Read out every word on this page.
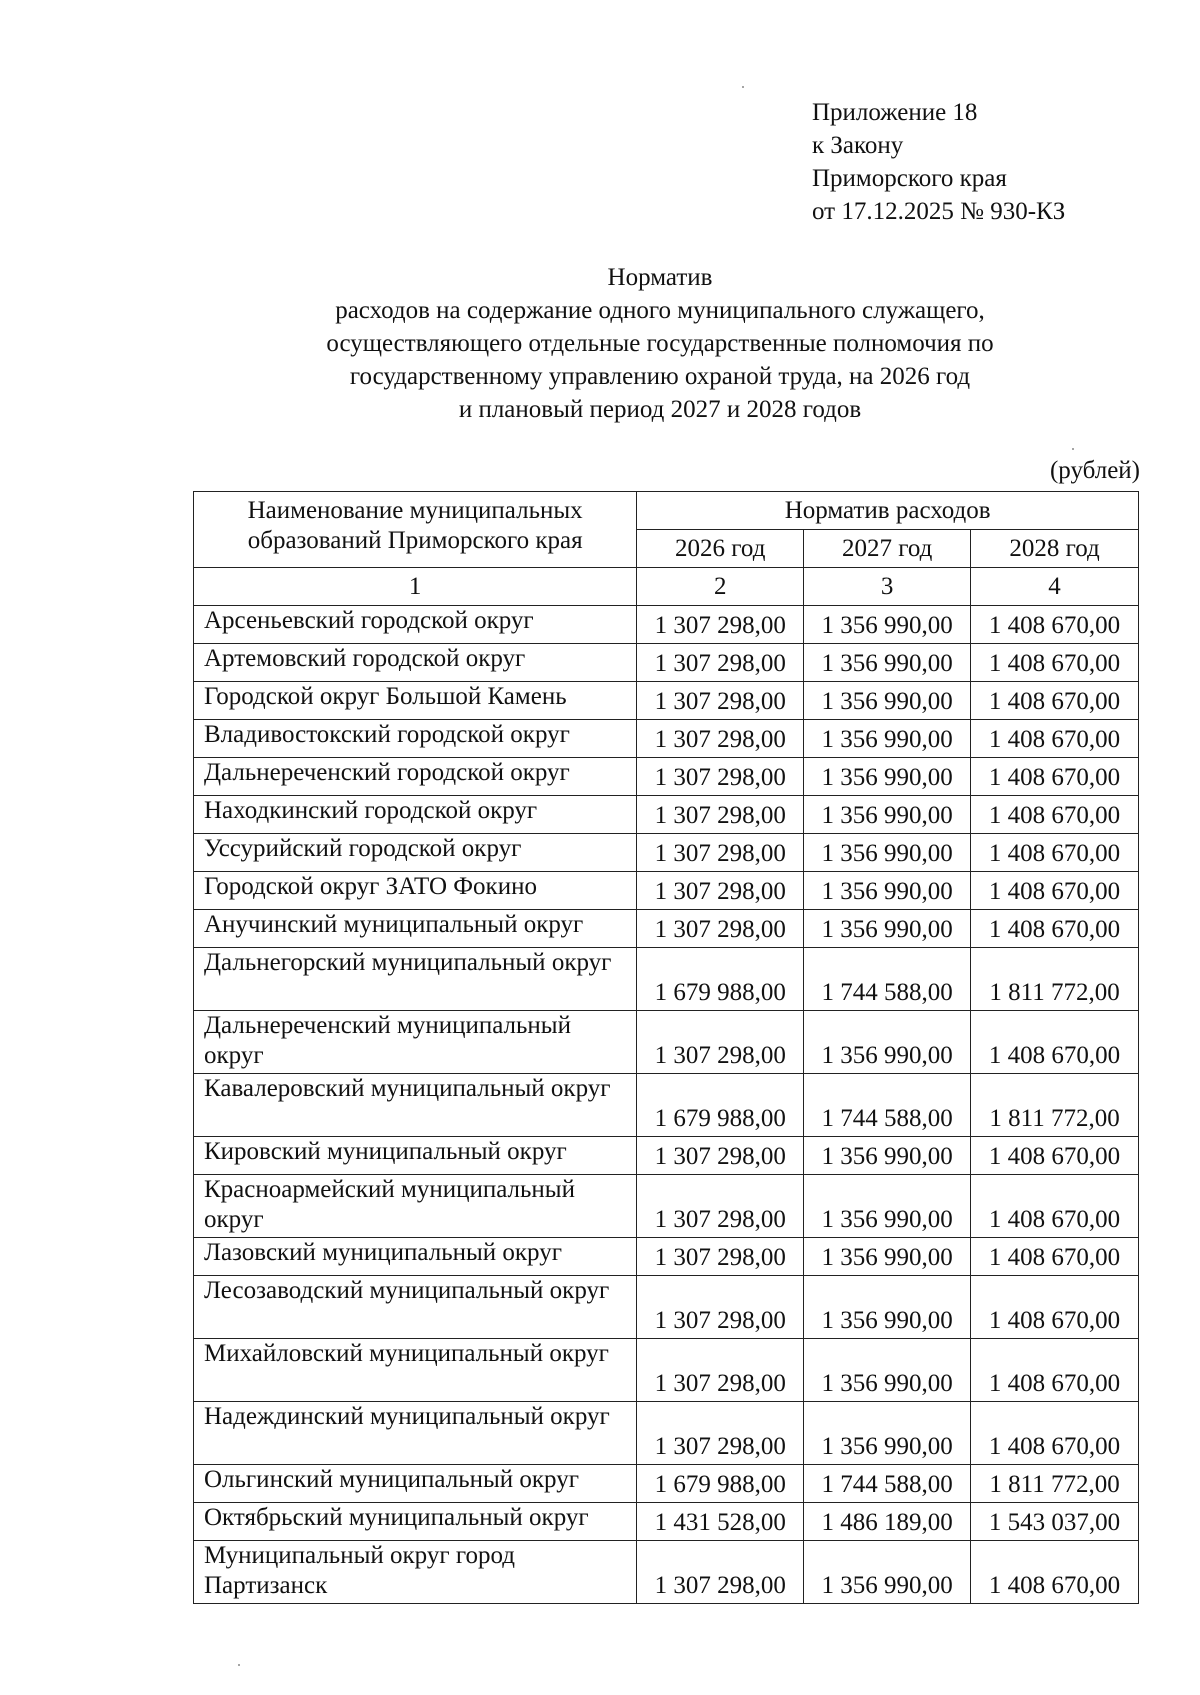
Приложение 18
к Закону
Приморского края
от 17.12.2025 № 930-КЗ
Норматив
расходов на содержание одного муниципального служащего,
осуществляющего отдельные государственные полномочия по
государственному управлению охраной труда, на 2026 год
и плановый период 2027 и 2028 годов
(рублей)
Наименование муниципальных образований Приморского края	Норматив расходов		
	2026 год	2027 год	2028 год
1	2	3	4
Арсеньевский городской округ	1 307 298,00	1 356 990,00	1 408 670,00
Артемовский городской округ	1 307 298,00	1 356 990,00	1 408 670,00
Городской округ Большой Камень	1 307 298,00	1 356 990,00	1 408 670,00
Владивостокский городской округ	1 307 298,00	1 356 990,00	1 408 670,00
Дальнереченский городской округ	1 307 298,00	1 356 990,00	1 408 670,00
Находкинский городской округ	1 307 298,00	1 356 990,00	1 408 670,00
Уссурийский городской округ	1 307 298,00	1 356 990,00	1 408 670,00
Городской округ ЗАТО Фокино	1 307 298,00	1 356 990,00	1 408 670,00
Анучинский муниципальный округ	1 307 298,00	1 356 990,00	1 408 670,00
Дальнегорский муниципальный округ	1 679 988,00	1 744 588,00	1 811 772,00
Дальнереченский муниципальный округ	1 307 298,00	1 356 990,00	1 408 670,00
Кавалеровский муниципальный округ	1 679 988,00	1 744 588,00	1 811 772,00
Кировский муниципальный округ	1 307 298,00	1 356 990,00	1 408 670,00
Красноармейский муниципальный округ	1 307 298,00	1 356 990,00	1 408 670,00
Лазовский муниципальный округ	1 307 298,00	1 356 990,00	1 408 670,00
Лесозаводский муниципальный округ	1 307 298,00	1 356 990,00	1 408 670,00
Михайловский муниципальный округ	1 307 298,00	1 356 990,00	1 408 670,00
Надеждинский муниципальный округ	1 307 298,00	1 356 990,00	1 408 670,00
Ольгинский муниципальный округ	1 679 988,00	1 744 588,00	1 811 772,00
Октябрьский муниципальный округ	1 431 528,00	1 486 189,00	1 543 037,00
Муниципальный округ город Партизанск	1 307 298,00	1 356 990,00	1 408 670,00
